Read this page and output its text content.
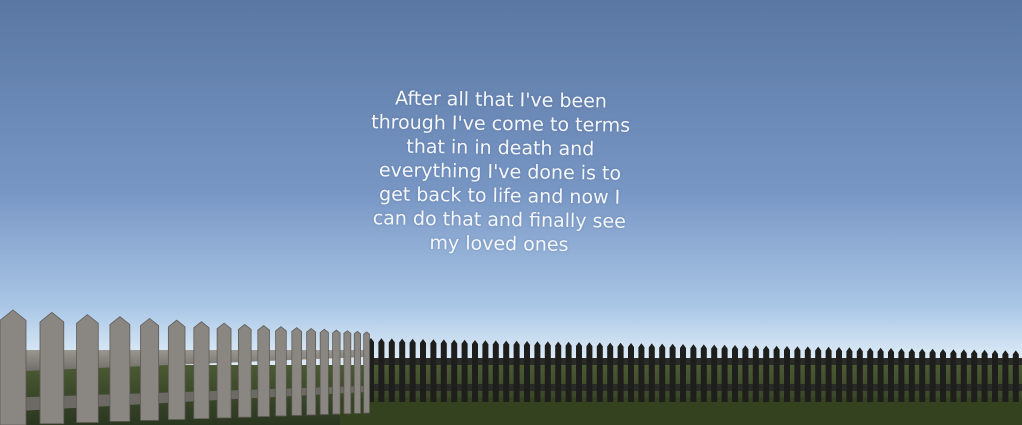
After all that I've been
through I've come to terms
that in in death and
everything I've done is to
get back to life and now I
can do that and finally see
my loved ones
